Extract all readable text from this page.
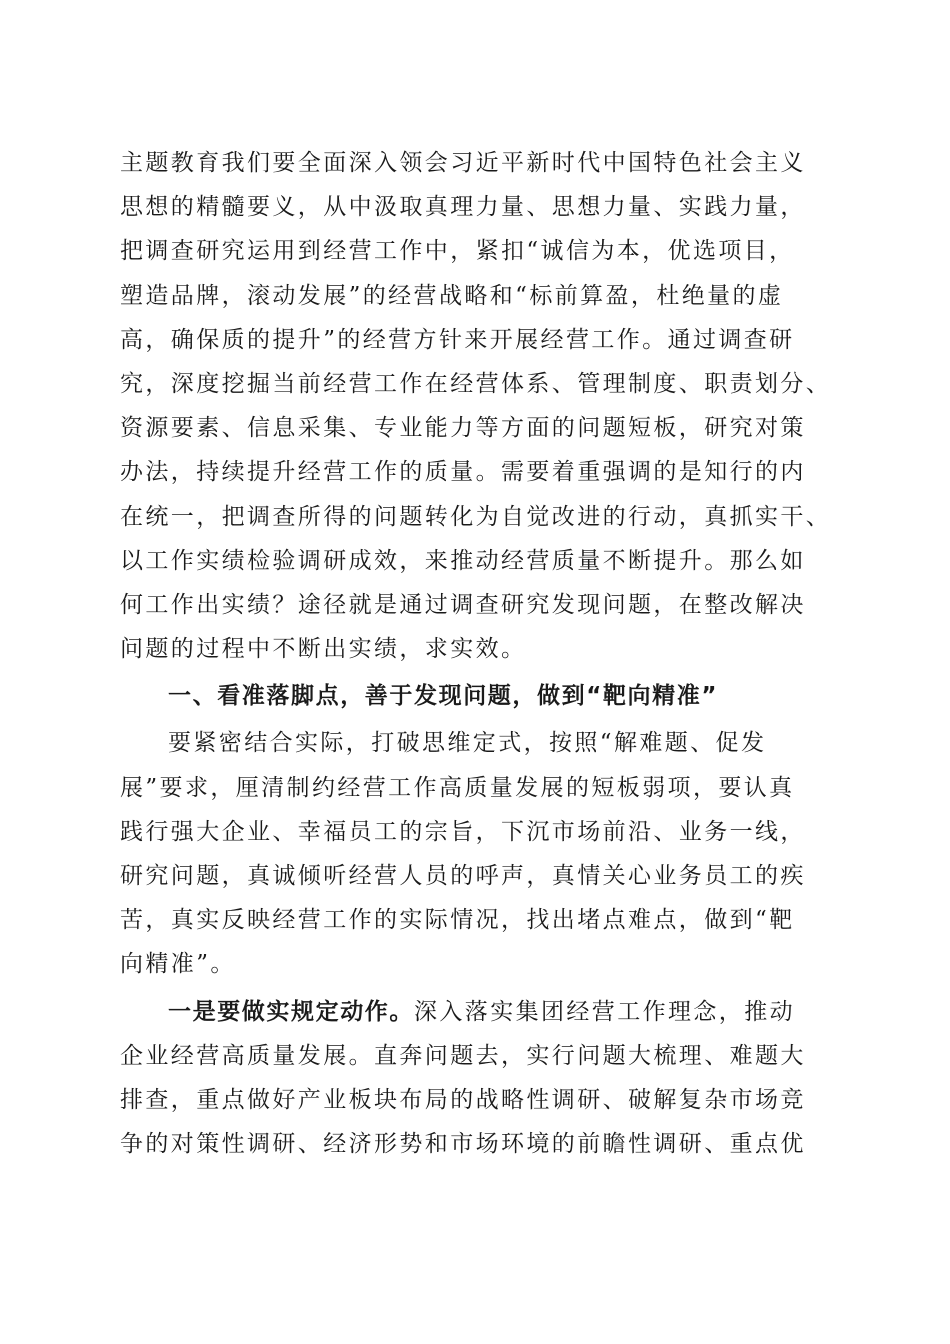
主题教育我们要全面深入领会习近平新时代中国特色社会主义
思想的精髓要义，从中汲取真理力量、思想力量、实践力量，
把调查研究运用到经营工作中，紧扣“诚信为本，优选项目，
塑造品牌，滚动发展”的经营战略和“标前算盈，杜绝量的虚
高，确保质的提升”的经营方针来开展经营工作。通过调查研
究，深度挖掘当前经营工作在经营体系、管理制度、职责划分、
资源要素、信息采集、专业能力等方面的问题短板，研究对策
办法，持续提升经营工作的质量。需要着重强调的是知行的内
在统一，把调查所得的问题转化为自觉改进的行动，真抓实干、
以工作实绩检验调研成效，来推动经营质量不断提升。那么如
何工作出实绩？途径就是通过调查研究发现问题，在整改解决
问题的过程中不断出实绩，求实效。
一、看准落脚点，善于发现问题，做到“靶向精准”
要紧密结合实际，打破思维定式，按照“解难题、促发
展”要求，厘清制约经营工作高质量发展的短板弱项，要认真
践行强大企业、幸福员工的宗旨，下沉市场前沿、业务一线，
研究问题，真诚倾听经营人员的呼声，真情关心业务员工的疾
苦，真实反映经营工作的实际情况，找出堵点难点，做到“靶
向精准”。
一是要做实规定动作。深入落实集团经营工作理念，推动
企业经营高质量发展。直奔问题去，实行问题大梳理、难题大
排查，重点做好产业板块布局的战略性调研、破解复杂市场竞
争的对策性调研、经济形势和市场环境的前瞻性调研、重点优
